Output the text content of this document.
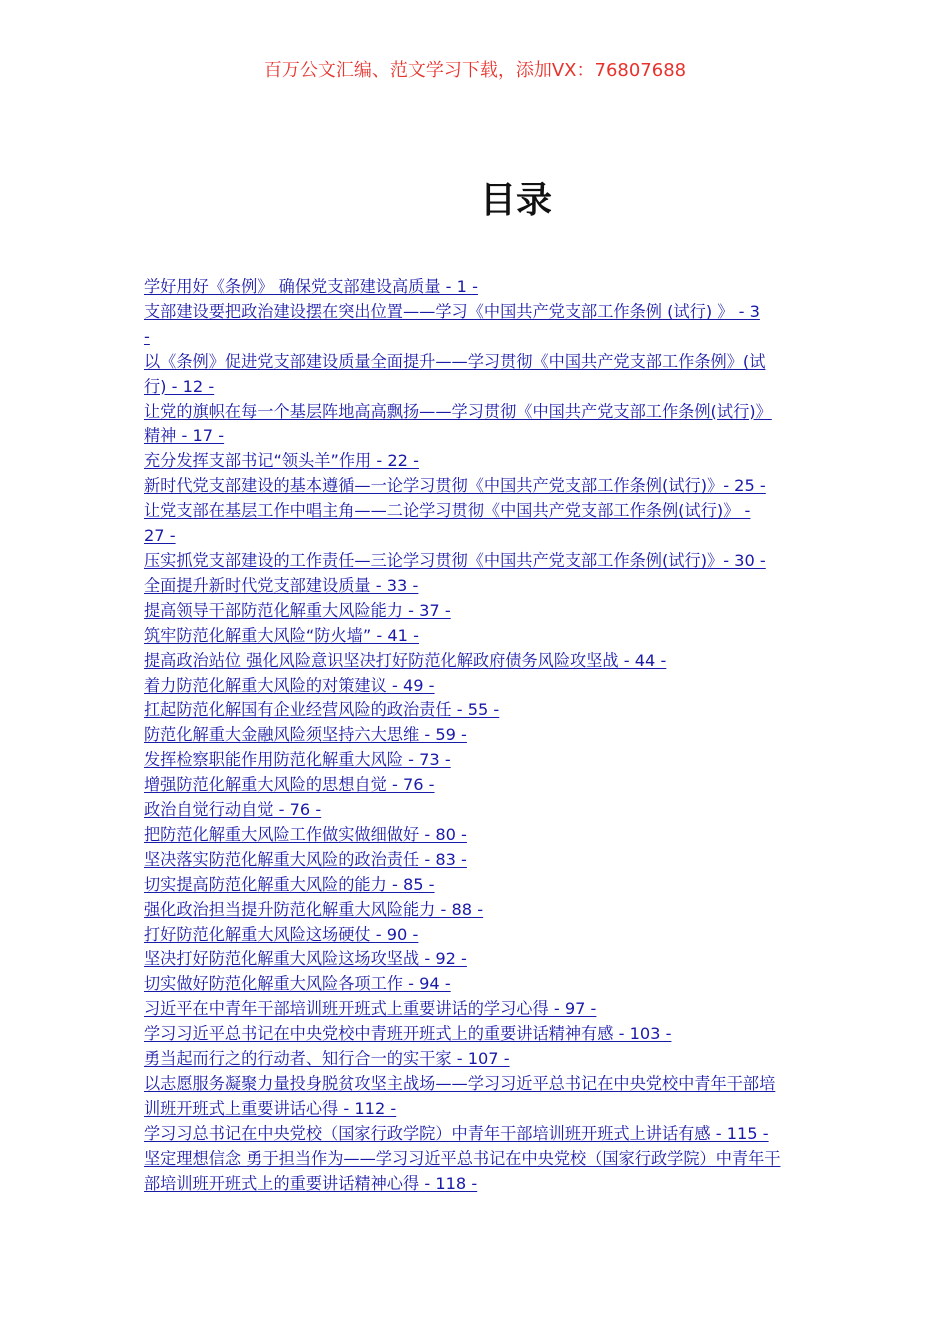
百万公文汇编、范文学习下载，添加VX：76807688
目录
学好用好《条例》 确保党支部建设高质量 - 1 -
支部建设要把政治建设摆在突出位置——学习《中国共产党支部工作条例 (试行) 》 - 3
-
以《条例》促进党支部建设质量全面提升——学习贯彻《中国共产党支部工作条例》(试
行) - 12 -
让党的旗帜在每一个基层阵地高高飘扬——学习贯彻《中国共产党支部工作条例(试行)》
精神 - 17 -
充分发挥支部书记“领头羊”作用 - 22 -
新时代党支部建设的基本遵循—一论学习贯彻《中国共产党支部工作条例(试行)》- 25 -
让党支部在基层工作中唱主角——二论学习贯彻《中国共产党支部工作条例(试行)》 -
27 -
压实抓党支部建设的工作责任—三论学习贯彻《中国共产党支部工作条例(试行)》- 30 -
全面提升新时代党支部建设质量 - 33 -
提高领导干部防范化解重大风险能力 - 37 -
筑牢防范化解重大风险“防火墙” - 41 -
提高政治站位 强化风险意识坚决打好防范化解政府债务风险攻坚战 - 44 -
着力防范化解重大风险的对策建议 - 49 -
扛起防范化解国有企业经营风险的政治责任 - 55 -
防范化解重大金融风险须坚持六大思维 - 59 -
发挥检察职能作用防范化解重大风险 - 73 -
增强防范化解重大风险的思想自觉 - 76 -
政治自觉行动自觉 - 76 -
把防范化解重大风险工作做实做细做好 - 80 -
坚决落实防范化解重大风险的政治责任 - 83 -
切实提高防范化解重大风险的能力 - 85 -
强化政治担当提升防范化解重大风险能力 - 88 -
打好防范化解重大风险这场硬仗 - 90 -
坚决打好防范化解重大风险这场攻坚战 - 92 -
切实做好防范化解重大风险各项工作 - 94 -
习近平在中青年干部培训班开班式上重要讲话的学习心得 - 97 -
学习习近平总书记在中央党校中青班开班式上的重要讲话精神有感 - 103 -
勇当起而行之的行动者、知行合一的实干家 - 107 -
以志愿服务凝聚力量投身脱贫攻坚主战场——学习习近平总书记在中央党校中青年干部培
训班开班式上重要讲话心得 - 112 -
学习习总书记在中央党校（国家行政学院）中青年干部培训班开班式上讲话有感 - 115 -
坚定理想信念 勇于担当作为——学习习近平总书记在中央党校（国家行政学院）中青年干
部培训班开班式上的重要讲话精神心得 - 118 -
